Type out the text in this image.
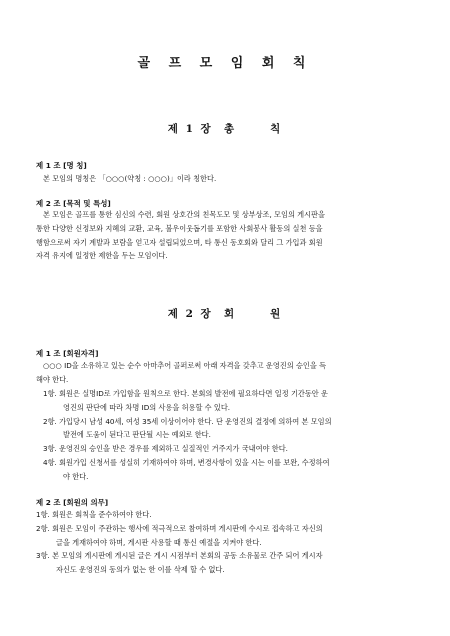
골 프 모 임 회 칙
제 1 장  총      칙
제 1 조 [명 칭]
본 모임의 명칭은 「○○○(약칭 : ○○○)」이라 칭한다.
제 2 조 [목적 및 특성]
본 모임은 골프를 통한 심신의 수련, 회원 상호간의 친목도모 및 상부상조, 모임의 게시판을
통한 다양한 신정보와 지혜의 교환, 교육, 불우이웃돕기를 포함한 사회봉사 활동의 실천 등을
행함으로써 자기 계발과 보람을 얻고자 설립되었으며, 타 통신 동호회와 달리 그 가입과 회원
자격 유지에 일정한 제한을 두는 모임이다.
제 2 장  회      원
제 1 조 [회원자격]
○○○ ID을 소유하고 있는 순수 아마추어 골퍼로써 아래 자격을 갖추고 운영진의 승인을 득
해야 한다.
1항. 회원은 실명ID로 가입함을 원칙으로 한다. 본회의 발전에 필요하다면 일정 기간동안 운
영진의 판단에 따라 차명 ID의 사용을 허용할 수 있다.
2항. 가입당시 남성 40세, 여성 35세 이상이어야 한다. 단 운영진의 결정에 의하여 본 모임의
발전에 도움이 된다고 판단될 시는 예외로 한다.
3항. 운영진의 승인을 받은 경우를 제외하고 실질적인 거주지가 국내여야 한다.
4항. 회원가입 신청서를 성실히 기재하여야 하며, 변경사항이 있을 시는 이를 보완, 수정하여
야 한다.
제 2 조 [회원의 의무]
1항. 회원은 회칙을 준수하여야 한다.
2항. 회원은 모임이 주관하는 행사에 적극적으로 참여하며 게시판에 수시로 접속하고 자신의
글을 게재하여야 하며, 게시판 사용할 때 통신 예절을 지켜야 한다.
3항. 본 모임의 게시판에 게시된 글은 게시 시점부터 본회의 공동 소유물로 간주 되어 게시자
자신도 운영진의 동의가 없는 한 이를 삭제 할 수 없다.
